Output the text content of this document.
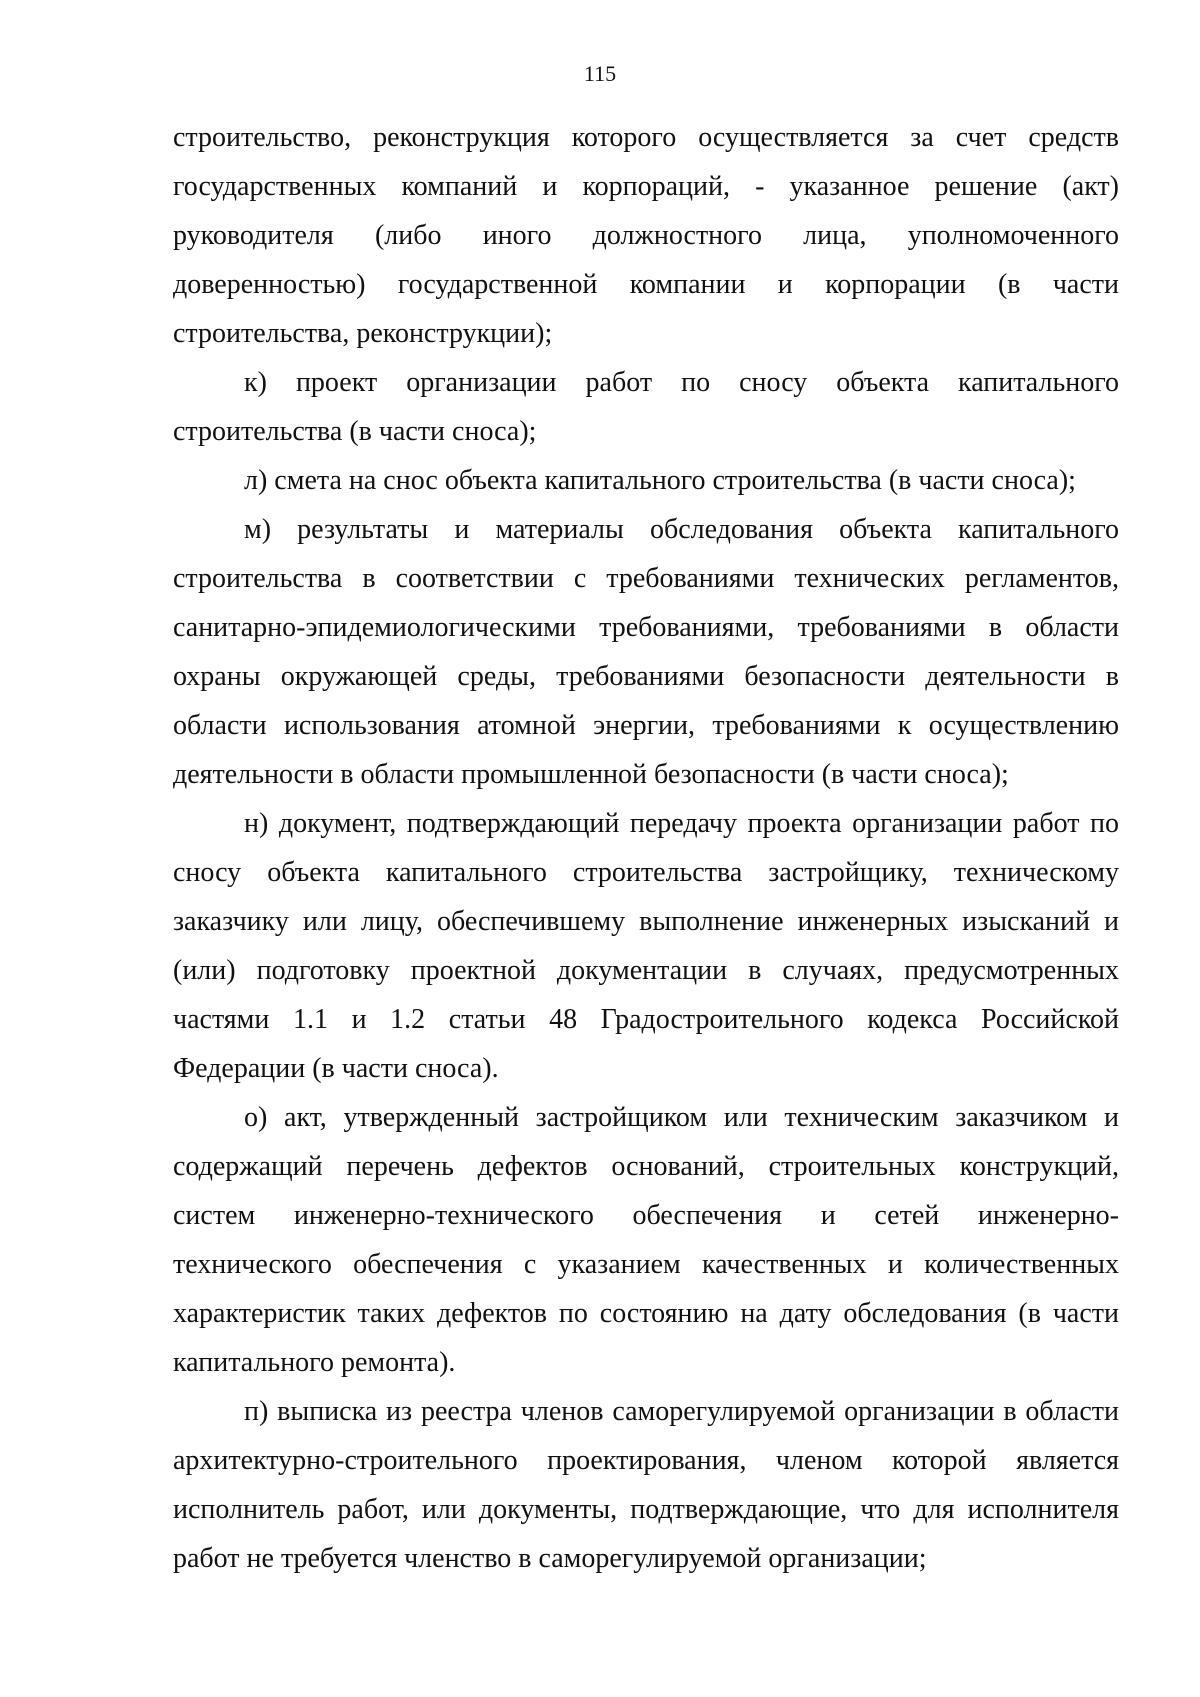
115

строительство, реконструкция которого осуществляется за счет средств государственных компаний и корпораций, - указанное решение (акт) руководителя (либо иного должностного лица, уполномоченного доверенностью) государственной компании и корпорации (в части строительства, реконструкции);

к) проект организации работ по сносу объекта капитального строительства (в части сноса);

л) смета на снос объекта капитального строительства (в части сноса);

м) результаты и материалы обследования объекта капитального строительства в соответствии с требованиями технических регламентов, санитарно-эпидемиологическими требованиями, требованиями в области охраны окружающей среды, требованиями безопасности деятельности в области использования атомной энергии, требованиями к осуществлению деятельности в области промышленной безопасности (в части сноса);

н) документ, подтверждающий передачу проекта организации работ по сносу объекта капитального строительства застройщику, техническому заказчику или лицу, обеспечившему выполнение инженерных изысканий и (или) подготовку проектной документации в случаях, предусмотренных частями 1.1 и 1.2 статьи 48 Градостроительного кодекса Российской Федерации (в части сноса).

о) акт, утвержденный застройщиком или техническим заказчиком и содержащий перечень дефектов оснований, строительных конструкций, систем инженерно-технического обеспечения и сетей инженерно-технического обеспечения с указанием качественных и количественных характеристик таких дефектов по состоянию на дату обследования (в части капитального ремонта).

п) выписка из реестра членов саморегулируемой организации в области архитектурно-строительного проектирования, членом которой является исполнитель работ, или документы, подтверждающие, что для исполнителя работ не требуется членство в саморегулируемой организации;
